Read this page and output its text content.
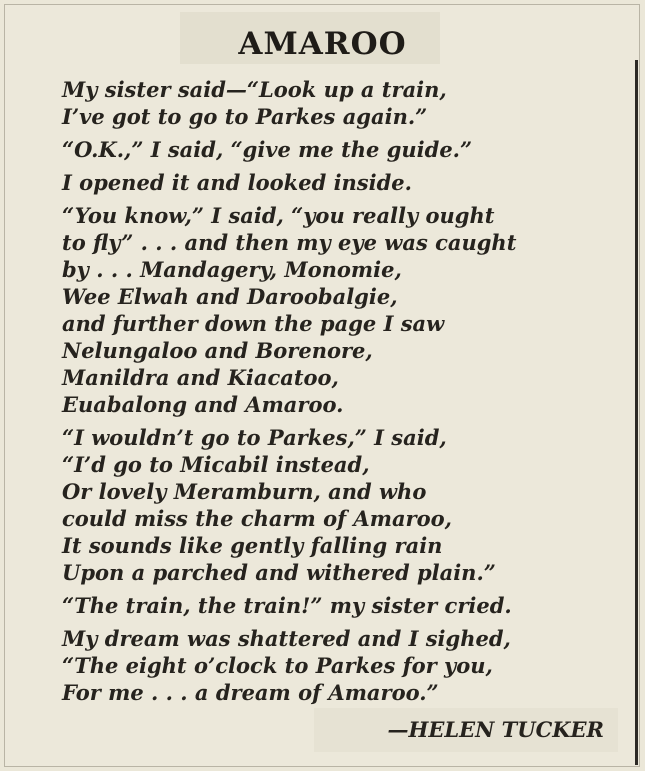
AMAROO
My sister said—“Look up a train,
I’ve got to go to Parkes again.”
“O.K.,” I said, “give me the guide.”
I opened it and looked inside.
“You know,” I said, “you really ought
to fly” . . . and then my eye was caught
by . . . Mandagery, Monomie,
Wee Elwah and Daroobalgie,
and further down the page I saw
Nelungaloo and Borenore,
Manildra and Kiacatoo,
Euabalong and Amaroo.
“I wouldn’t go to Parkes,” I said,
“I’d go to Micabil instead,
Or lovely Meramburn, and who
could miss the charm of Amaroo,
It sounds like gently falling rain
Upon a parched and withered plain.”
“The train, the train!” my sister cried.
My dream was shattered and I sighed,
“The eight o’clock to Parkes for you,
For me . . . a dream of Amaroo.”
—HELEN TUCKER
